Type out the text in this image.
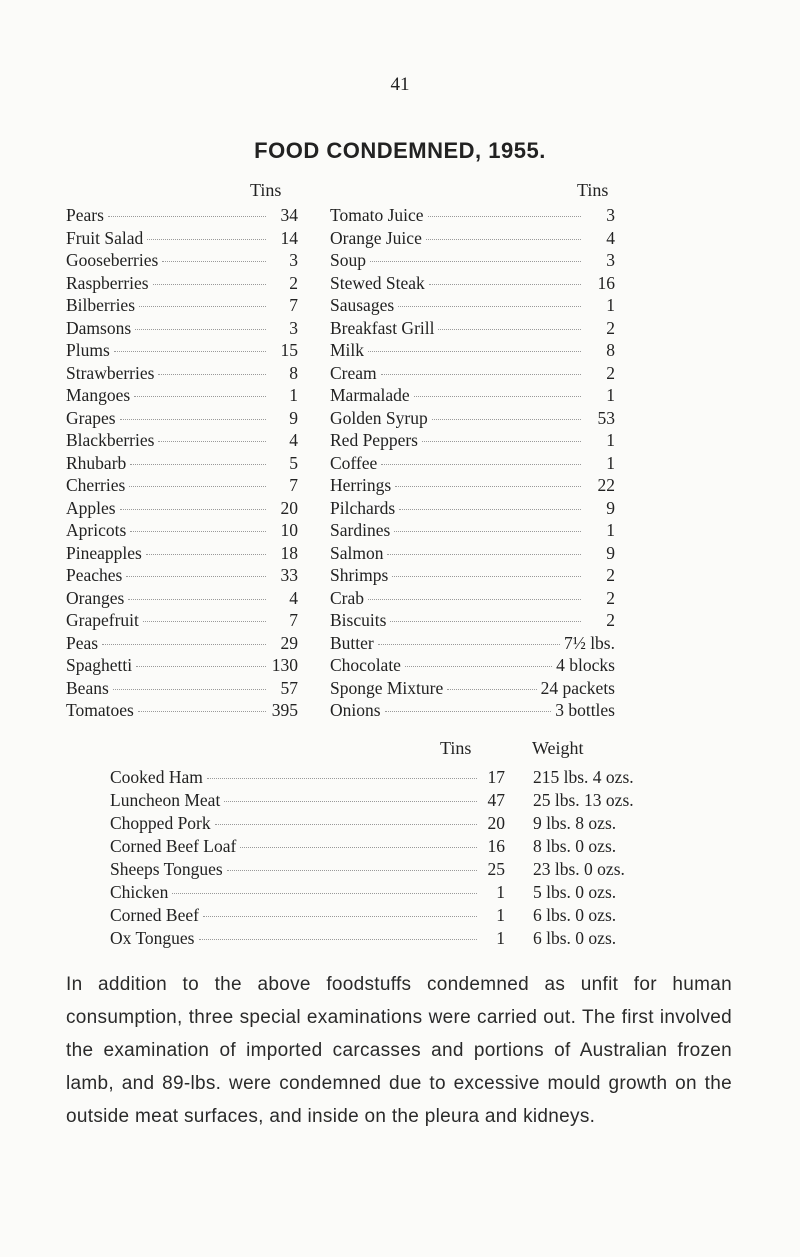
41
FOOD CONDEMNED, 1955.
Tins	Tins
Pears	34
Fruit Salad	14
Gooseberries	3
Raspberries	2
Bilberries	7
Damsons	3
Plums	15
Strawberries	8
Mangoes	1
Grapes	9
Blackberries	4
Rhubarb	5
Cherries	7
Apples	20
Apricots	10
Pineapples	18
Peaches	33
Oranges	4
Grapefruit	7
Peas	29
Spaghetti	130
Beans	57
Tomatoes	395
Tomato Juice	3
Orange Juice	4
Soup	3
Stewed Steak	16
Sausages	1
Breakfast Grill	2
Milk	8
Cream	2
Marmalade	1
Golden Syrup	53
Red Peppers	1
Coffee	1
Herrings	22
Pilchards	9
Sardines	1
Salmon	9
Shrimps	2
Crab	2
Biscuits	2
Butter	7½ lbs.
Chocolate	4 blocks
Sponge Mixture	24 packets
Onions	3 bottles
Tins	Weight
Cooked Ham	17	215 lbs. 4 ozs.
Luncheon Meat	47	25 lbs. 13 ozs.
Chopped Pork	20	9 lbs. 8 ozs.
Corned Beef Loaf	16	8 lbs. 0 ozs.
Sheeps Tongues	25	23 lbs. 0 ozs.
Chicken	1	5 lbs. 0 ozs.
Corned Beef	1	6 lbs. 0 ozs.
Ox Tongues	1	6 lbs. 0 ozs.
In addition to the above foodstuffs condemned as unfit for human consumption, three special examinations were carried out. The first involved the examination of imported carcasses and portions of Australian frozen lamb, and 89-lbs. were condemned due to excessive mould growth on the outside meat surfaces, and inside on the pleura and kidneys.
